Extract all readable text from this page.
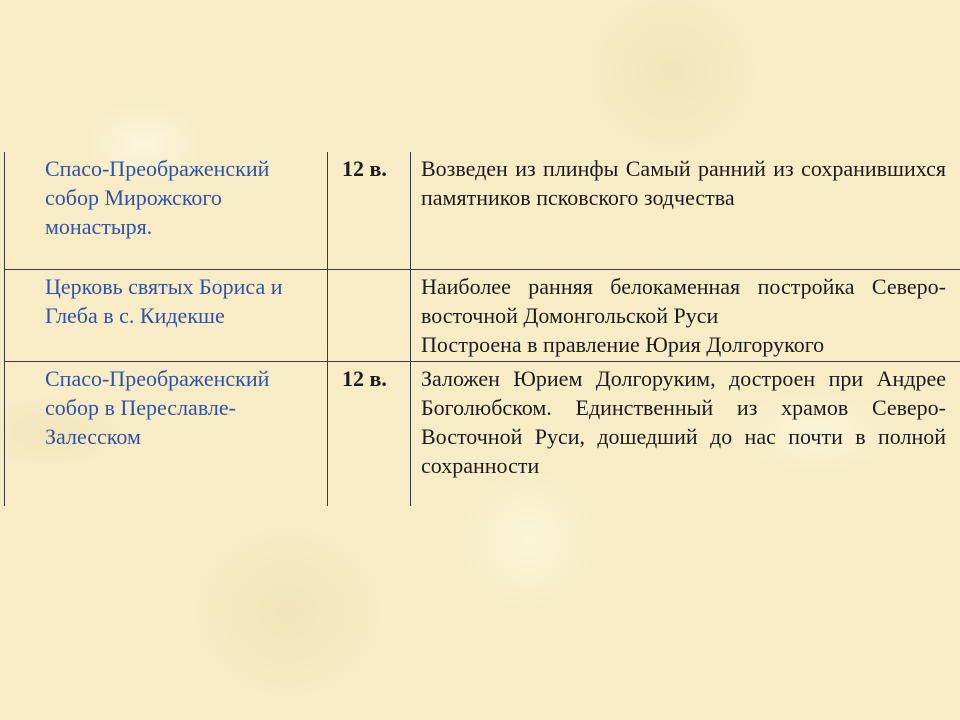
Спасо-Преображенский собор Мирожского монастыря.	12 в.	Возведен из плинфы Самый ранний из сохранившихся памятников псковского зодчества

Церковь святых Бориса и Глеба в с. Кидекше		Наиболее ранняя белокаменная постройка Северо-восточной Домонгольской Руси
Построена в правление Юрия Долгорукого

Спасо-Преображенский собор в Переславле-Залесском	12 в.	Заложен Юрием Долгоруким, достроен при Андрее Боголюбском. Единственный из храмов Северо-Восточной Руси, дошедший до нас почти в полной сохранности
